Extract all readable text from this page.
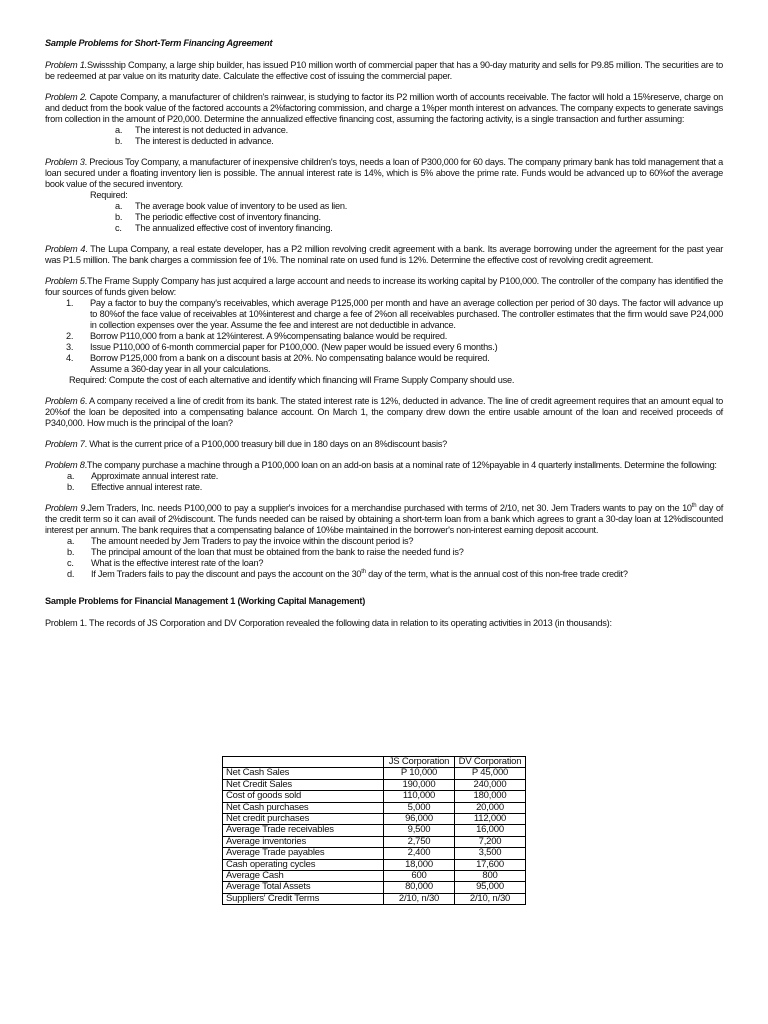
Sample Problems for Short-Term Financing Agreement
Problem 1.Swissship Company, a large ship builder, has issued P10 million worth of commercial paper that has a 90-day maturity and sells for P9.85 million. The securities are to be redeemed at par value on its maturity date. Calculate the effective cost of issuing the commercial paper.
Problem 2. Capote Company, a manufacturer of children's rainwear, is studying to factor its P2 million worth of accounts receivable. The factor will hold a 15%reserve, charge on and deduct from the book value of the factored accounts a 2%factoring commission, and charge a 1%per month interest on advances. The company expects to generate savings from collection in the amount of P20,000. Determine the annualized effective financing cost, assuming the factoring activity, is a single transaction and further assuming:
a.	The interest is not deducted in advance.
b.	The interest is deducted in advance.
Problem 3. Precious Toy Company, a manufacturer of inexpensive children's toys, needs a loan of P300,000 for 60 days. The company primary bank has told management that a loan secured under a floating inventory lien is possible. The annual interest rate is 14%, which is 5% above the prime rate. Funds would be advanced up to 60%of the average book value of the secured inventory.
Required:
a.	The average book value of inventory to be used as lien.
b.	The periodic effective cost of inventory financing.
c.	The annualized effective cost of inventory financing.
Problem 4. The Lupa Company, a real estate developer, has a P2 million revolving credit agreement with a bank. Its average borrowing under the agreement for the past year was P1.5 million. The bank charges a commission fee of 1%. The nominal rate on used fund is 12%. Determine the effective cost of revolving credit agreement.
Problem 5.The Frame Supply Company has just acquired a large account and needs to increase its working capital by P100,000. The controller of the company has identified the four sources of funds given below:
1.	Pay a factor to buy the company's receivables, which average P125,000 per month and have an average collection per period of 30 days. The factor will advance up to 80%of the face value of receivables at 10%interest and charge a fee of 2%on all receivables purchased. The controller estimates that the firm would save P24,000 in collection expenses over the year. Assume the fee and interest are not deductible in advance.
2.	Borrow P110,000 from a bank at 12%interest. A 9%compensating balance would be required.
3.	Issue P110,000 of 6-month commercial paper for P100,000. (New paper would be issued every 6 months.)
4.	Borrow P125,000 from a bank on a discount basis at 20%. No compensating balance would be required.
Assume a 360-day year in all your calculations.
Required: Compute the cost of each alternative and identify which financing will Frame Supply Company should use.
Problem 6. A company received a line of credit from its bank. The stated interest rate is 12%, deducted in advance. The line of credit agreement requires that an amount equal to 20%of the loan be deposited into a compensating balance account. On March 1, the company drew down the entire usable amount of the loan and received proceeds of P340,000. How much is the principal of the loan?
Problem 7. What is the current price of a P100,000 treasury bill due in 180 days on an 8%discount basis?
Problem 8.The company purchase a machine through a P100,000 loan on an add-on basis at a nominal rate of 12%payable in 4 quarterly installments. Determine the following:
a.	Approximate annual interest rate.
b.	Effective annual interest rate.
Problem 9.Jem Traders, Inc. needs P100,000 to pay a supplier's invoices for a merchandise purchased with terms of 2/10, net 30. Jem Traders wants to pay on the 10th day of the credit term so it can avail of 2%discount. The funds needed can be raised by obtaining a short-term loan from a bank which agrees to grant a 30-day loan at 12%discounted interest per annum. The bank requires that a compensating balance of 10%be maintained in the borrower's non-interest earning deposit account.
a.	The amount needed by Jem Traders to pay the invoice within the discount period is?
b.	The principal amount of the loan that must be obtained from the bank to raise the needed fund is?
c.	What is the effective interest rate of the loan?
d.	If Jem Traders fails to pay the discount and pays the account on the 30th day of the term, what is the annual cost of this non-free trade credit?
Sample Problems for Financial Management 1 (Working Capital Management)
Problem 1. The records of JS Corporation and DV Corporation revealed the following data in relation to its operating activities in 2013 (in thousands):
	JS Corporation	DV Corporation
Net Cash Sales	P 10,000	P 45,000
Net Credit Sales	190,000	240,000
Cost of goods sold	110,000	180,000
Net Cash purchases	5,000	20,000
Net credit purchases	96,000	112,000
Average Trade receivables	9,500	16,000
Average inventories	2,750	7,200
Average Trade payables	2,400	3,500
Cash operating cycles	18,000	17,600
Average Cash	600	800
Average Total Assets	80,000	95,000
Suppliers' Credit Terms	2/10, n/30	2/10, n/30
